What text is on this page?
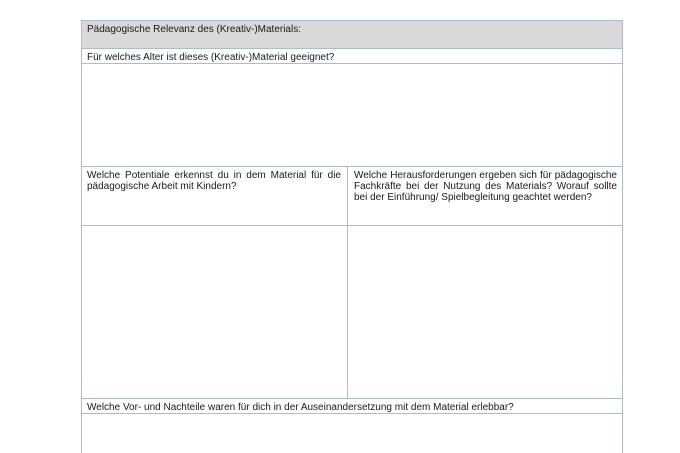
Pädagogische Relevanz des (Kreativ-)Materials:
Für welches Alter ist dieses (Kreativ-)Material geeignet?
Welche Potentiale erkennst du in dem Material für die pädagogische Arbeit mit Kindern?
Welche Herausforderungen ergeben sich für pädagogische Fachkräfte bei der Nutzung des Materials? Worauf sollte bei der Einführung/ Spielbegleitung geachtet werden?
Welche Vor- und Nachteile waren für dich in der Auseinandersetzung mit dem Material erlebbar?
